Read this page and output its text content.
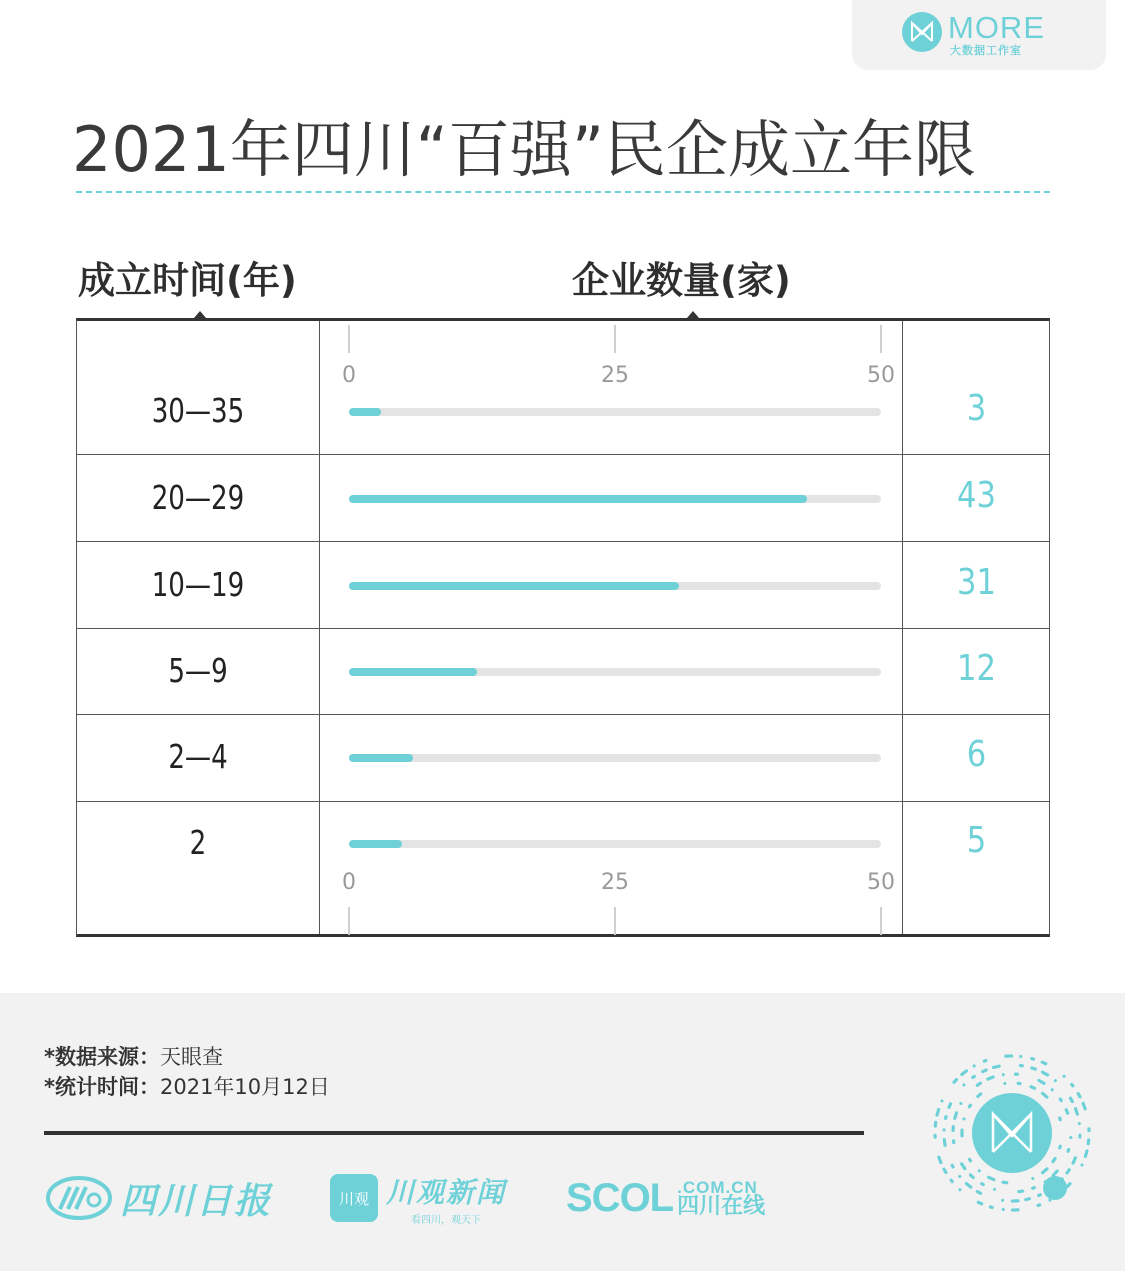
MORE
大数据工作室
2021年四川“百强”民企成立年限
成立时间(年)	企业数量(家)
30—35	3
20—29	43
10—19	31
5—9	12
2—4	6
2	5
0
0
25
25
50
50
*数据来源：天眼查
*统计时间：2021年10月12日
四川日报	川观 川观新闻
看四川，观天下
SCOL .COM.CN
四川在线
